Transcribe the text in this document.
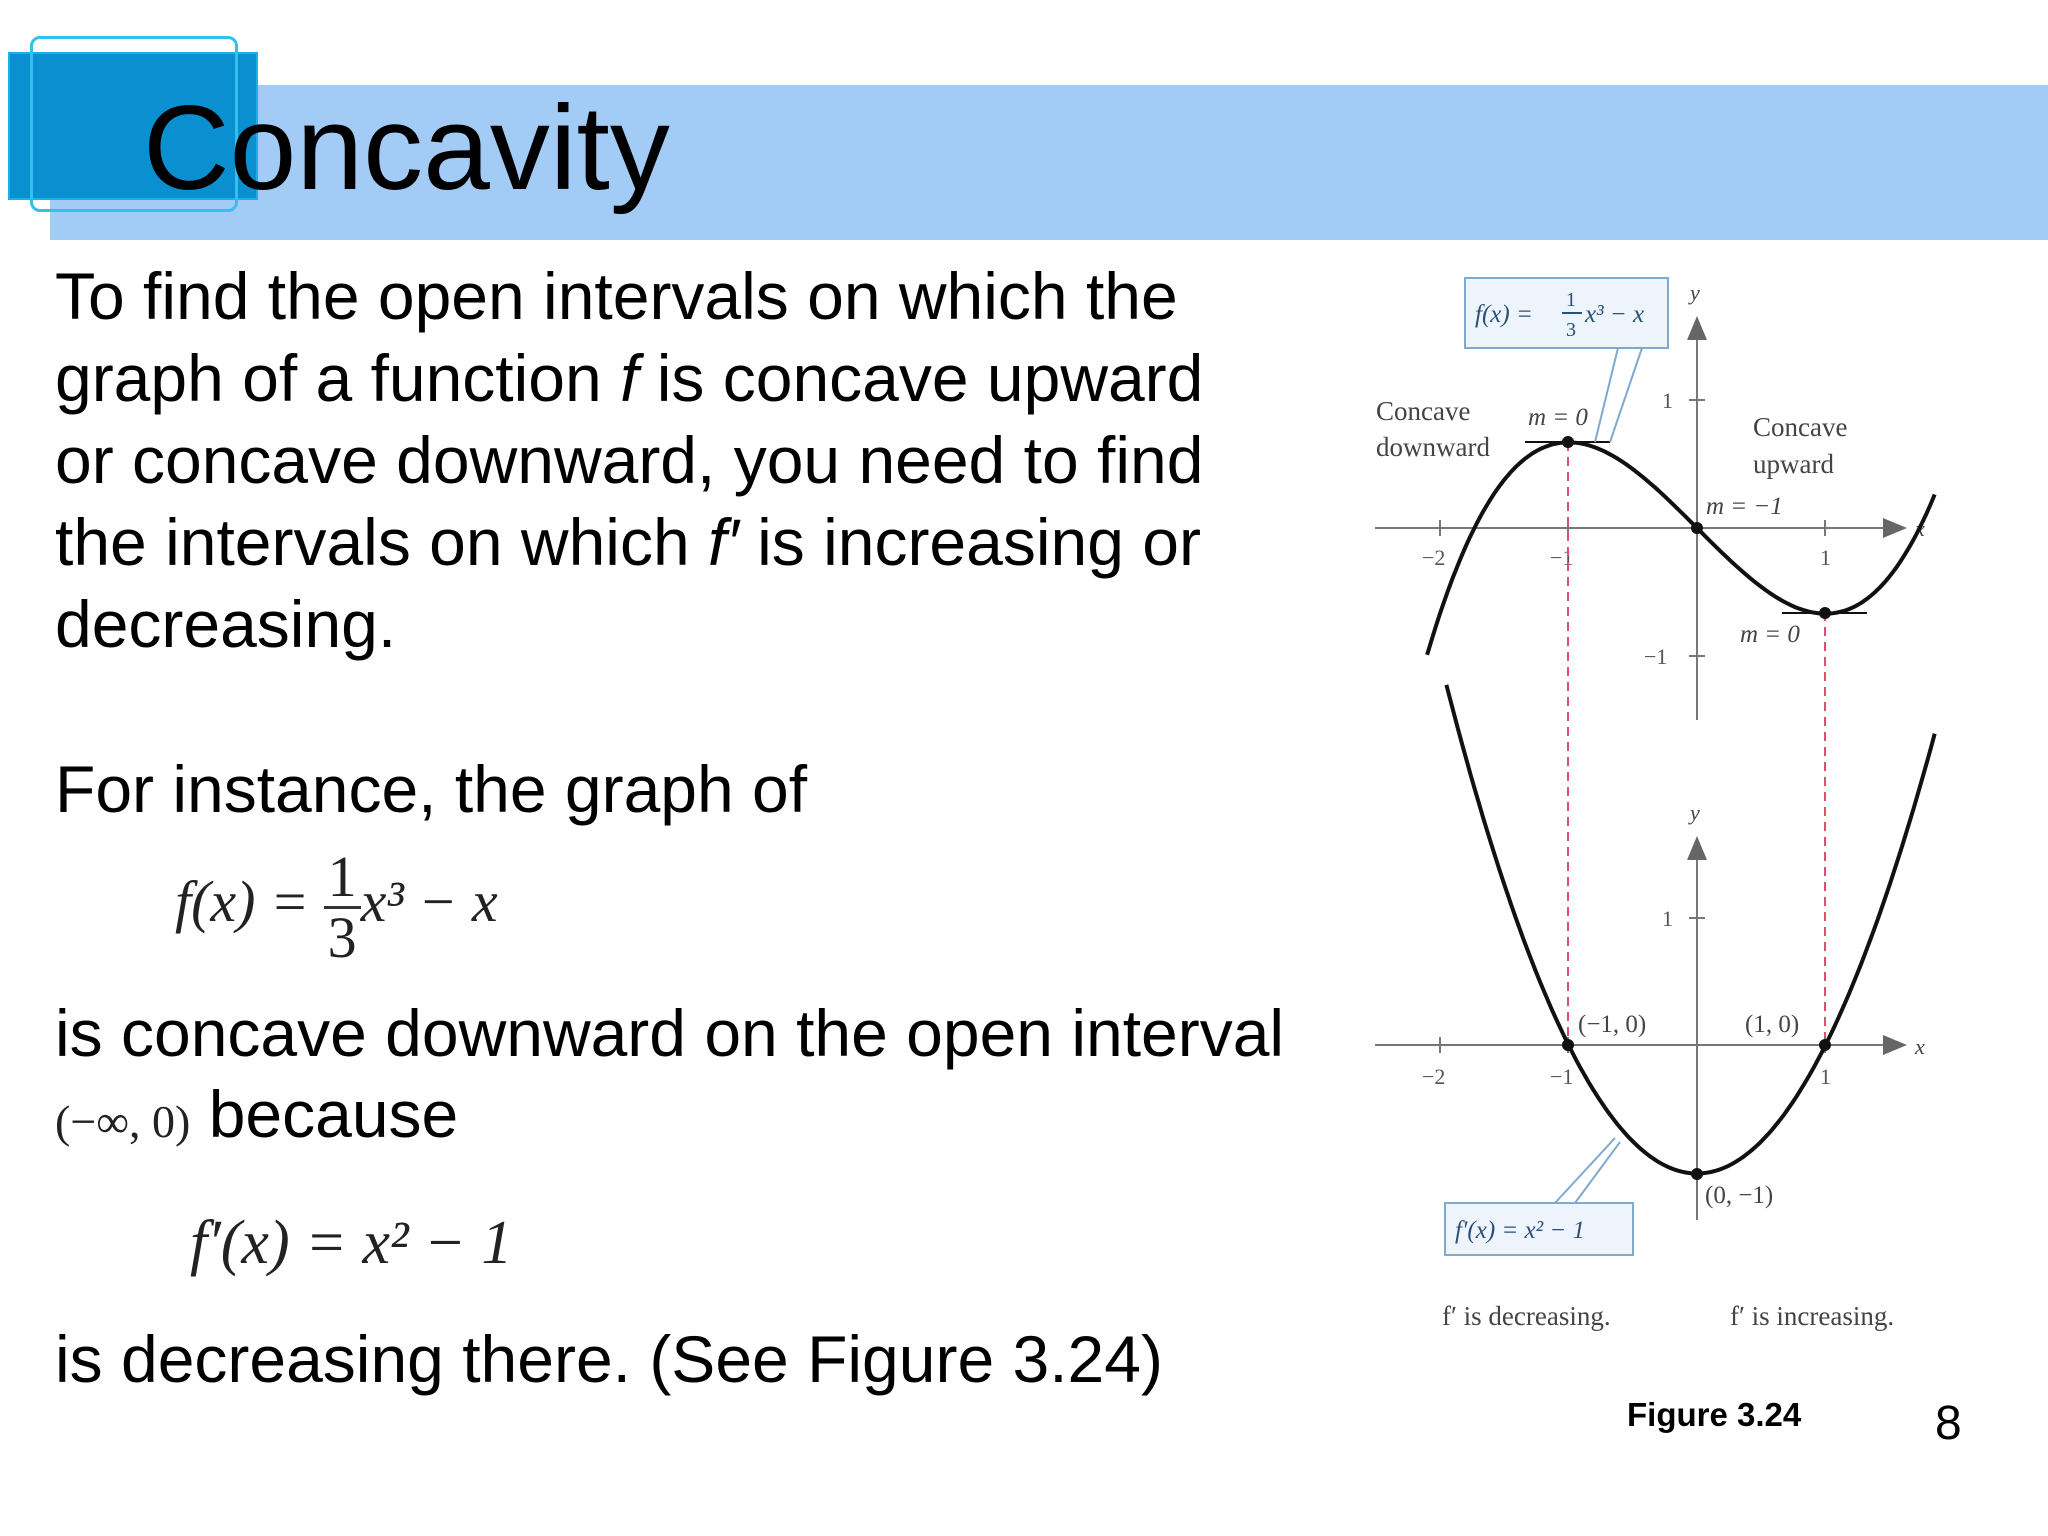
Concavity
To find the open intervals on which the
graph of a function f is concave upward
or concave downward, you need to find
the intervals on which f′ is increasing or
decreasing.
For instance, the graph of
$f(x) = \frac{1}{3} x^3 - x$
is concave downward on the open interval
(−∞, 0) because
f′(x) = x² − 1
is decreasing there. (See Figure 3.24)
x
y
−2	−1	1
1
−1
Concave
downward
Concave
upward
m = 0
m = −1
m = 0
f(x) =
1
3
x³ − x
x
y
−2	−1	1
1
(−1, 0)	(1, 0)
(0, −1)
f′(x) = x² − 1
f′ is decreasing.	f′ is increasing.
Figure 3.24	8
